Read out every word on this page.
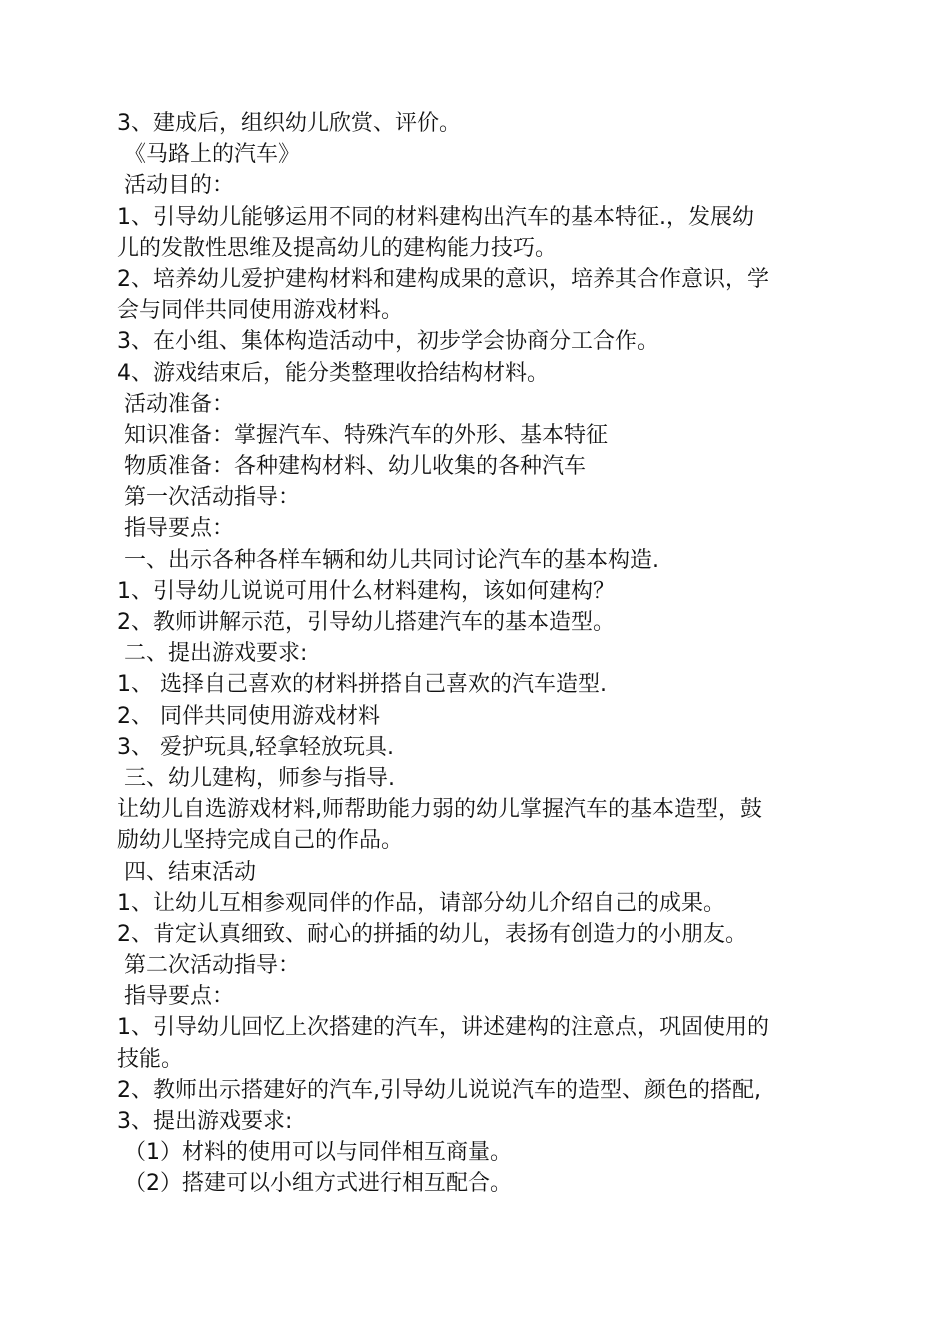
3、建成后，组织幼儿欣赏、评价。
《马路上的汽车》
活动目的：
1、引导幼儿能够运用不同的材料建构出汽车的基本特征.，发展幼
儿的发散性思维及提高幼儿的建构能力技巧。
2、培养幼儿爱护建构材料和建构成果的意识，培养其合作意识，学
会与同伴共同使用游戏材料。
3、在小组、集体构造活动中，初步学会协商分工合作。
4、游戏结束后，能分类整理收拾结构材料。
活动准备：
知识准备：掌握汽车、特殊汽车的外形、基本特征
物质准备：各种建构材料、幼儿收集的各种汽车
第一次活动指导：
指导要点：
一、出示各种各样车辆和幼儿共同讨论汽车的基本构造.
1、引导幼儿说说可用什么材料建构，该如何建构？
2、教师讲解示范，引导幼儿搭建汽车的基本造型。
二、提出游戏要求:
1、 选择自己喜欢的材料拼搭自己喜欢的汽车造型.
2、 同伴共同使用游戏材料
3、 爱护玩具,轻拿轻放玩具.
三、幼儿建构，师参与指导.
让幼儿自选游戏材料,师帮助能力弱的幼儿掌握汽车的基本造型，鼓
励幼儿坚持完成自己的作品。
四、结束活动
1、让幼儿互相参观同伴的作品，请部分幼儿介绍自己的成果。
2、肯定认真细致、耐心的拼插的幼儿，表扬有创造力的小朋友。
第二次活动指导：
指导要点：
1、引导幼儿回忆上次搭建的汽车，讲述建构的注意点，巩固使用的
技能。
2、教师出示搭建好的汽车,引导幼儿说说汽车的造型、颜色的搭配,
3、提出游戏要求:
（1）材料的使用可以与同伴相互商量。
（2）搭建可以小组方式进行相互配合。
